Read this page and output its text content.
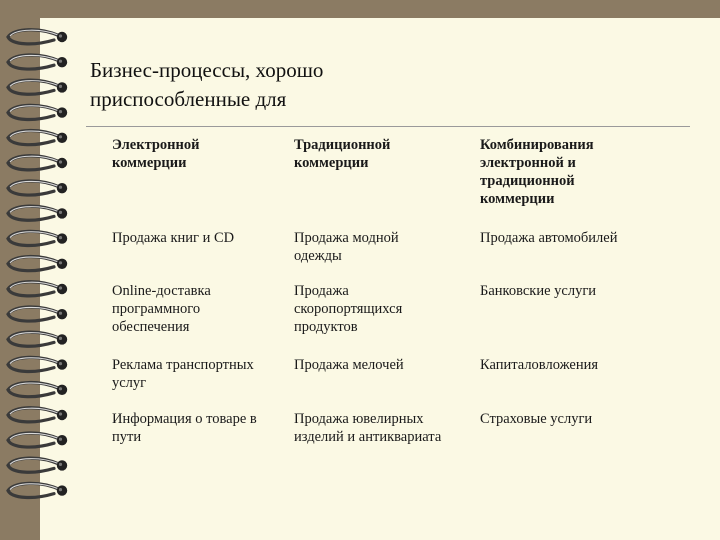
Бизнес-процессы, хорошо
приспособленные для
Электронной
коммерции
Традиционной
коммерции
Комбинирования
электронной и
традиционной
коммерции
Продажа книг и CD	Продажа модной
одежды
Продажа автомобилей
Online-доставка
программного
обеспечения
Продажа
скоропортящихся
продуктов
Банковские услуги
Реклама транспортных
услуг
Продажа мелочей	Капиталовложения
Информация о товаре в
пути
Продажа ювелирных
изделий и антиквариата
Страховые услуги
